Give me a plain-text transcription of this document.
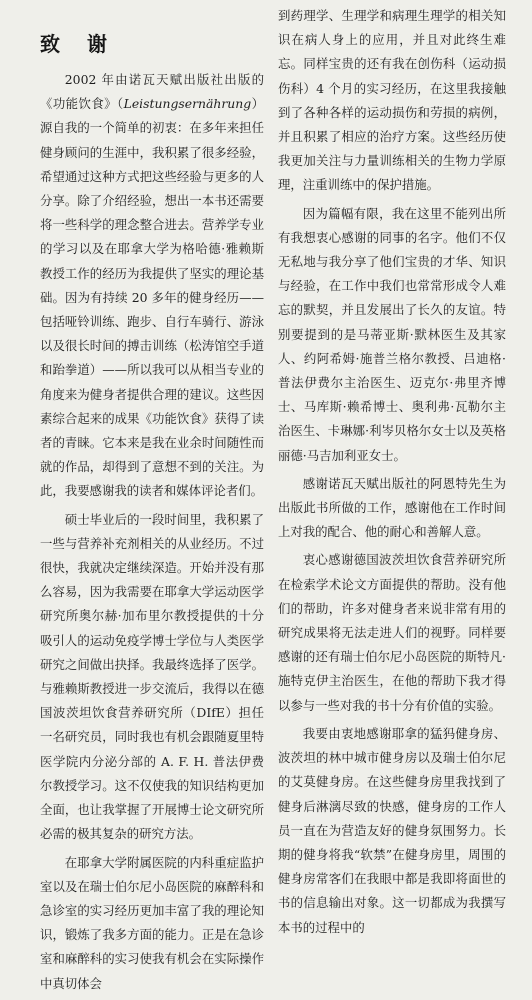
致 谢

2002 年由诺瓦天赋出版社出版的《功能饮食》（Leistungsernährung）源自我的一个简单的初衷：在多年来担任健身顾问的生涯中，我积累了很多经验，希望通过这种方式把这些经验与更多的人分享。除了介绍经验，想出一本书还需要将一些科学的理念整合进去。营养学专业的学习以及在耶拿大学为格哈德·雅赖斯教授工作的经历为我提供了坚实的理论基础。因为有持续 20 多年的健身经历——包括哑铃训练、跑步、自行车骑行、游泳以及很长时间的搏击训练（松涛馆空手道和跆拳道）——所以我可以从相当专业的角度来为健身者提供合理的建议。这些因素综合起来的成果《功能饮食》获得了读者的青睐。它本来是我在业余时间随性而就的作品，却得到了意想不到的关注。为此，我要感谢我的读者和媒体评论者们。

硕士毕业后的一段时间里，我积累了一些与营养补充剂相关的从业经历。不过很快，我就决定继续深造。开始并没有那么容易，因为我需要在耶拿大学运动医学研究所奥尔赫·加布里尔教授提供的十分吸引人的运动免疫学博士学位与人类医学研究之间做出抉择。我最终选择了医学。与雅赖斯教授进一步交流后，我得以在德国波茨坦饮食营养研究所（DIfE）担任一名研究员，同时我也有机会跟随夏里特医学院内分泌分部的 A. F. H. 普法伊费尔教授学习。这不仅使我的知识结构更加全面，也让我掌握了开展博士论文研究所必需的极其复杂的研究方法。

在耶拿大学附属医院的内科重症监护室以及在瑞士伯尔尼小岛医院的麻醉科和急诊室的实习经历更加丰富了我的理论知识，锻炼了我多方面的能力。正是在急诊室和麻醉科的实习使我有机会在实际操作中真切体会

到药理学、生理学和病理生理学的相关知识在病人身上的应用，并且对此终生难忘。同样宝贵的还有我在创伤科（运动损伤科）4 个月的实习经历，在这里我接触到了各种各样的运动损伤和劳损的病例，并且积累了相应的治疗方案。这些经历使我更加关注与力量训练相关的生物力学原理，注重训练中的保护措施。

因为篇幅有限，我在这里不能列出所有我想衷心感谢的同事的名字。他们不仅无私地与我分享了他们宝贵的才华、知识与经验，在工作中我们也常常形成令人难忘的默契，并且发展出了长久的友谊。特别要提到的是马蒂亚斯·默林医生及其家人、约阿希姆·施普兰格尔教授、吕迪格·普法伊费尔主治医生、迈克尔·弗里齐博士、马库斯·赖希博士、奥利弗·瓦勒尔主治医生、卡琳娜·利岑贝格尔女士以及英格丽德·马吉加利亚女士。

感谢诺瓦天赋出版社的阿恩特先生为出版此书所做的工作，感谢他在工作时间上对我的配合、他的耐心和善解人意。

衷心感谢德国波茨坦饮食营养研究所在检索学术论文方面提供的帮助。没有他们的帮助，许多对健身者来说非常有用的研究成果将无法走进人们的视野。同样要感谢的还有瑞士伯尔尼小岛医院的斯特凡·施特克伊主治医生，在他的帮助下我才得以参与一些对我的书十分有价值的实验。

我要由衷地感谢耶拿的猛犸健身房、波茨坦的林中城市健身房以及瑞士伯尔尼的艾莫健身房。在这些健身房里我找到了健身后淋漓尽致的快感，健身房的工作人员一直在为营造友好的健身氛围努力。长期的健身将我“软禁”在健身房里，周围的健身房常客们在我眼中都是我即将面世的书的信息输出对象。这一切都成为我撰写本书的过程中的
